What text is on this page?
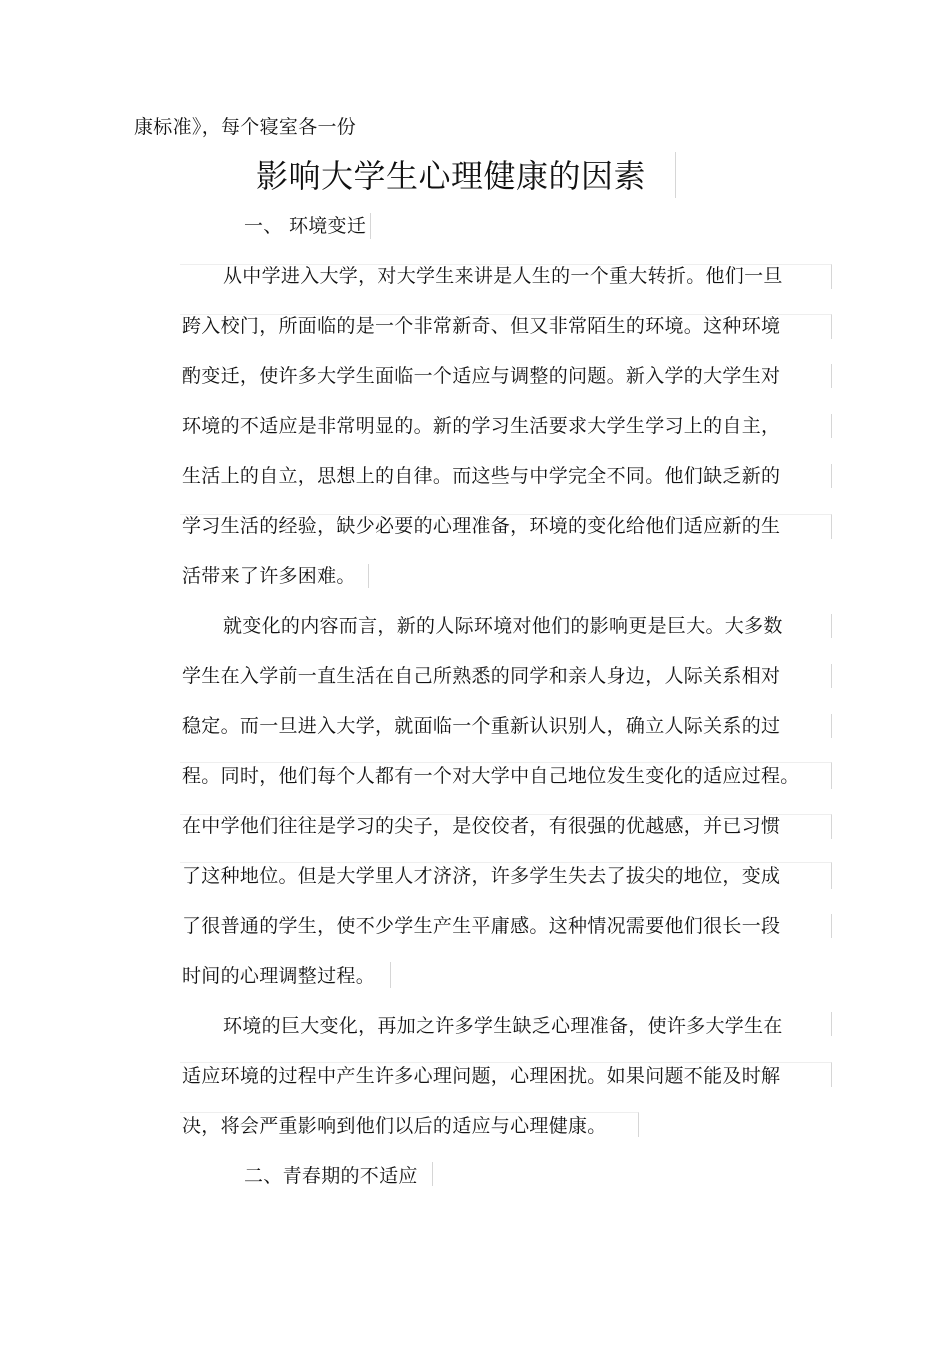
康标准》，每个寝室各一份
影响大学生心理健康的因素
一、 环境变迁
从中学进入大学，对大学生来讲是人生的一个重大转折。他们一旦
跨入校门，所面临的是一个非常新奇、但又非常陌生的环境。这种环境
酌变迁，使许多大学生面临一个适应与调整的问题。新入学的大学生对
环境的不适应是非常明显的。新的学习生活要求大学生学习上的自主，
生活上的自立，思想上的自律。而这些与中学完全不同。他们缺乏新的
学习生活的经验，缺少必要的心理准备，环境的变化给他们适应新的生
活带来了许多困难。
就变化的内容而言，新的人际环境对他们的影响更是巨大。大多数
学生在入学前一直生活在自己所熟悉的同学和亲人身边，人际关系相对
稳定。而一旦进入大学，就面临一个重新认识别人，确立人际关系的过
程。同时，他们每个人都有一个对大学中自己地位发生变化的适应过程。
在中学他们往往是学习的尖子，是佼佼者，有很强的优越感，并已习惯
了这种地位。但是大学里人才济济，许多学生失去了拔尖的地位，变成
了很普通的学生，使不少学生产生平庸感。这种情况需要他们很长一段
时间的心理调整过程。
环境的巨大变化，再加之许多学生缺乏心理准备，使许多大学生在
适应环境的过程中产生许多心理问题，心理困扰。如果问题不能及时解
决，将会严重影响到他们以后的适应与心理健康。
二、青春期的不适应
